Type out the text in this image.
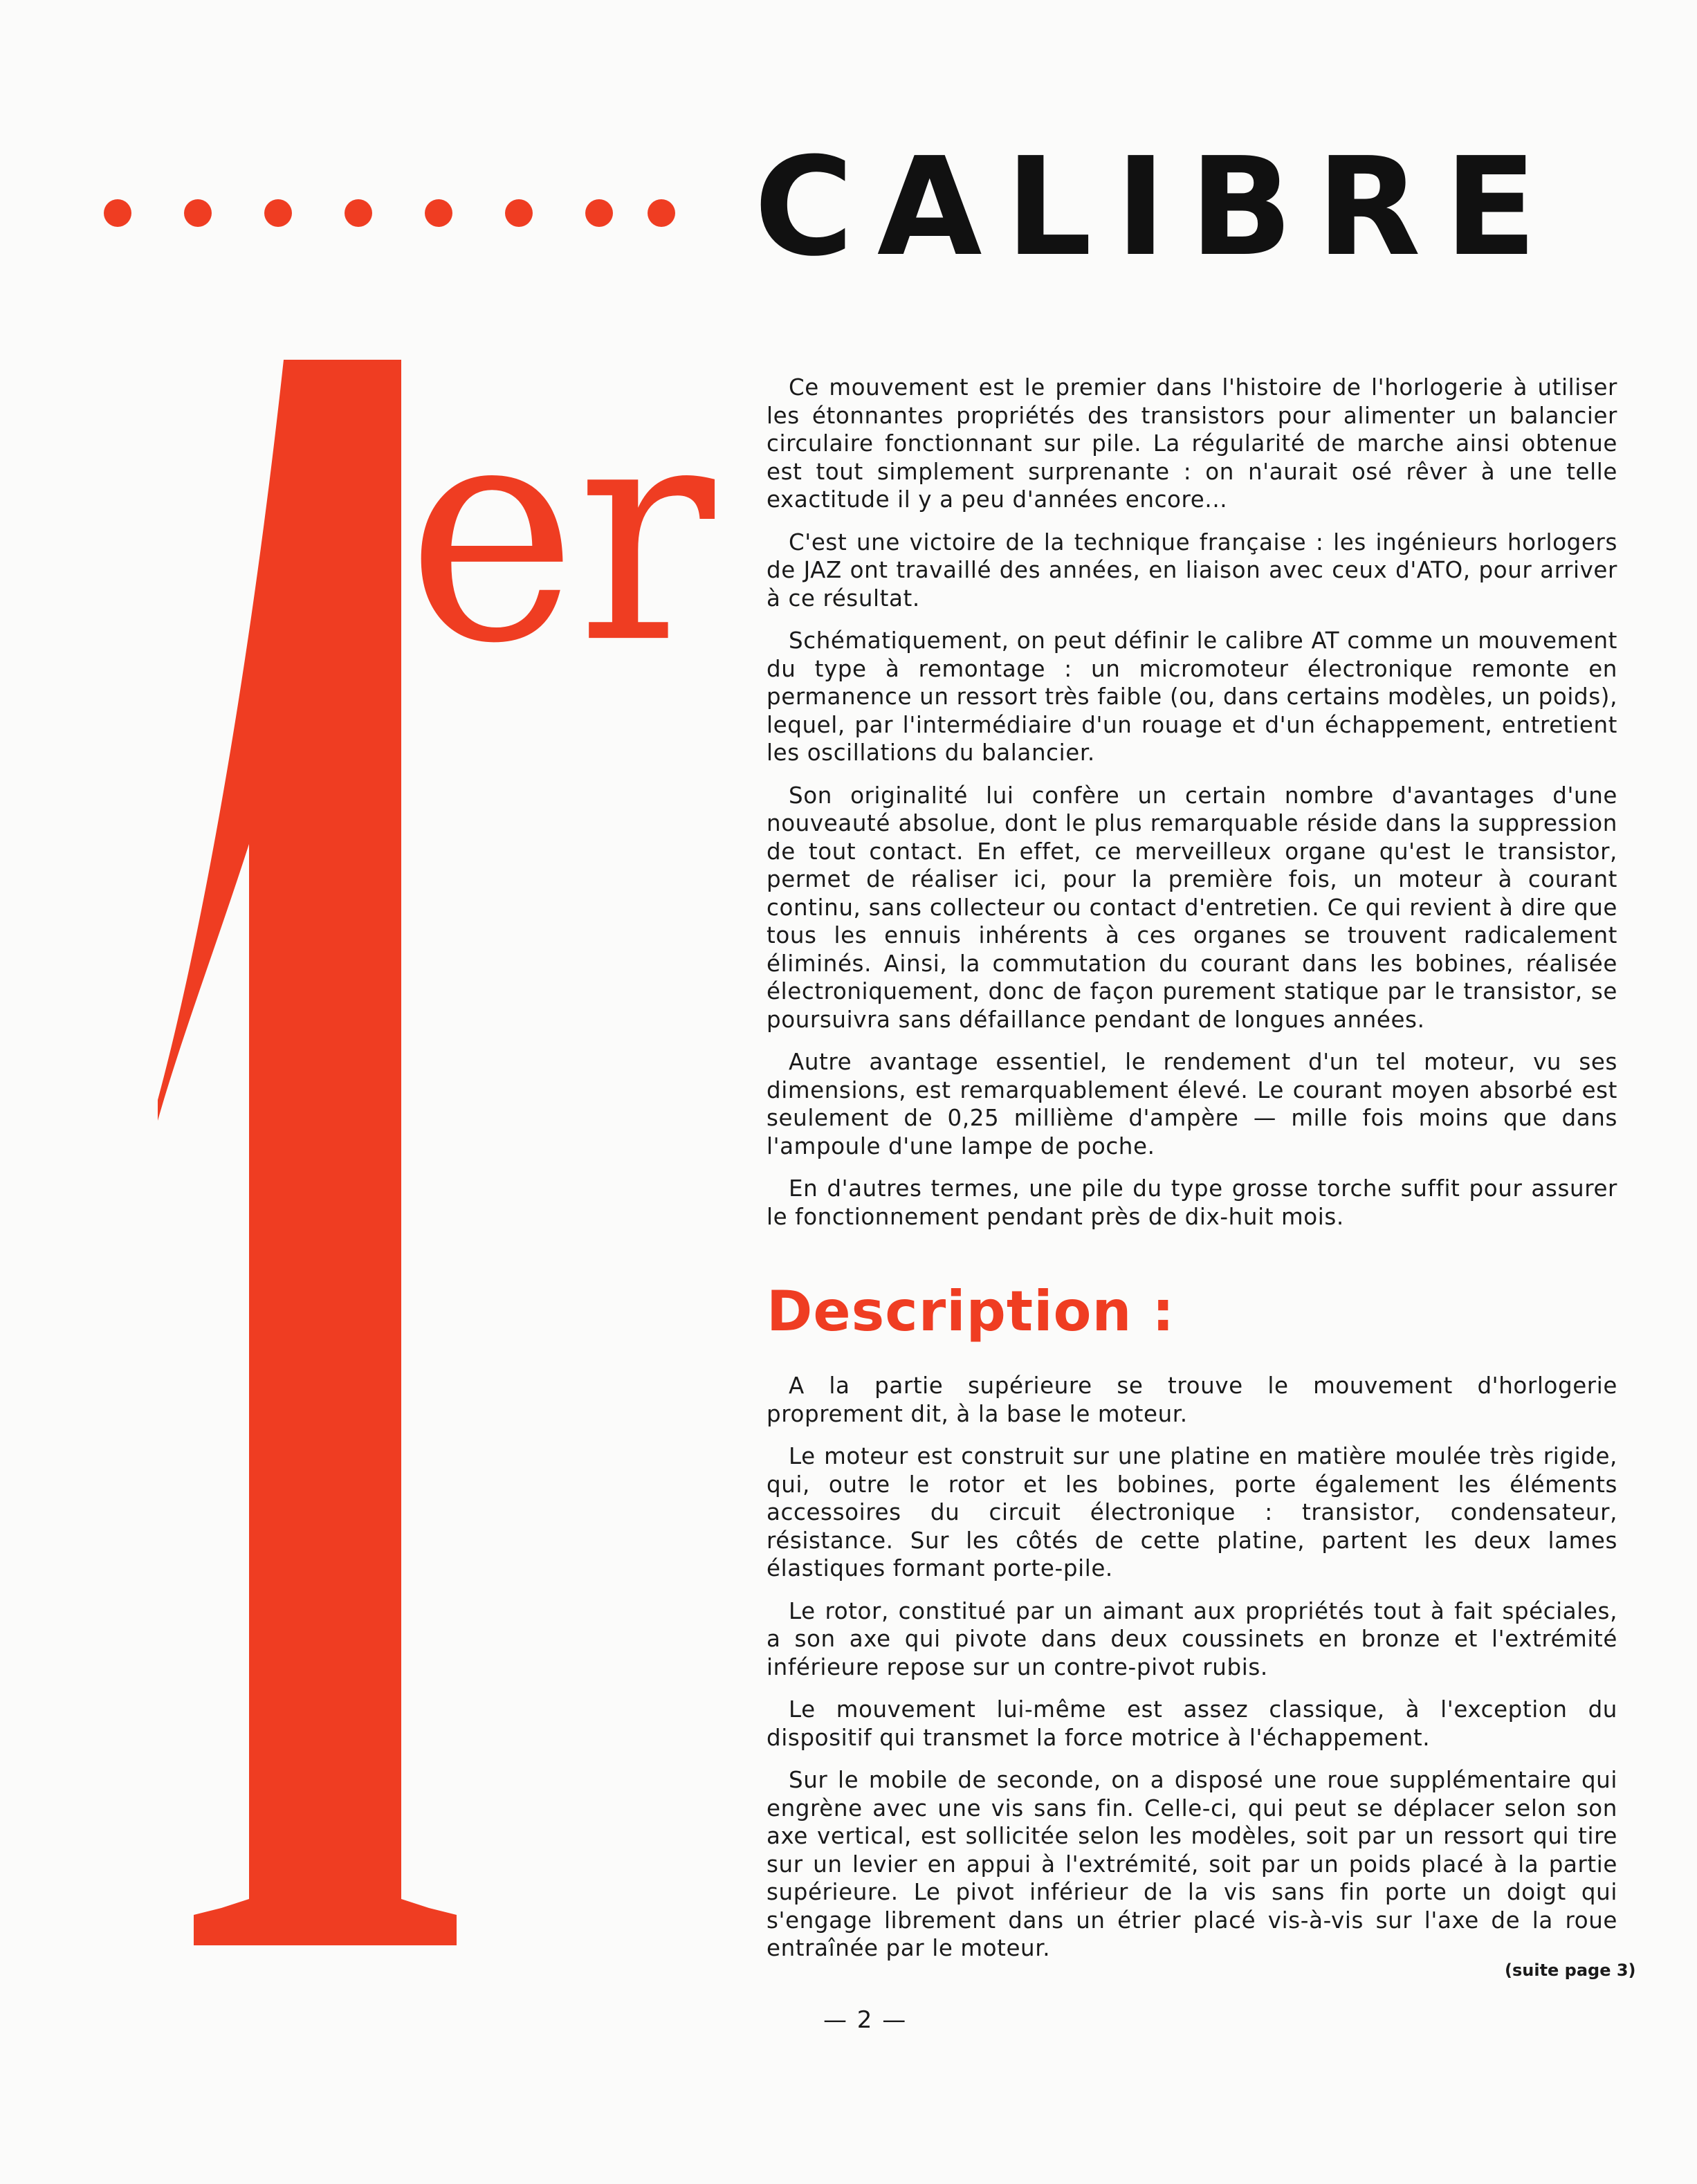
CALIBRE
er	Ce mouvement est le premier dans l'histoire de l'horlogerie à utiliser les étonnantes propriétés des transistors pour alimenter un balancier circulaire fonctionnant sur pile. La régularité de marche ainsi obtenue est tout simplement surprenante : on n'aurait osé rêver à une telle exactitude il y a peu d'années encore...

C'est une victoire de la technique française : les ingénieurs horlogers de JAZ ont travaillé des années, en liaison avec ceux d'ATO, pour arriver à ce résultat.

Schématiquement, on peut définir le calibre AT comme un mouvement du type à remontage : un micromoteur électronique remonte en permanence un ressort très faible (ou, dans certains modèles, un poids), lequel, par l'intermédiaire d'un rouage et d'un échappement, entretient les oscillations du balancier.

Son originalité lui confère un certain nombre d'avantages d'une nouveauté absolue, dont le plus remarquable réside dans la suppression de tout contact. En effet, ce merveilleux organe qu'est le transistor, permet de réaliser ici, pour la première fois, un moteur à courant continu, sans collecteur ou contact d'entretien. Ce qui revient à dire que tous les ennuis inhérents à ces organes se trouvent radicalement éliminés. Ainsi, la commutation du courant dans les bobines, réalisée électroniquement, donc de façon purement statique par le transistor, se poursuivra sans défaillance pendant de longues années.

Autre avantage essentiel, le rendement d'un tel moteur, vu ses dimensions, est remarquablement élevé. Le courant moyen absorbé est seulement de 0,25 millième d'ampère — mille fois moins que dans l'ampoule d'une lampe de poche.

En d'autres termes, une pile du type grosse torche suffit pour assurer le fonctionnement pendant près de dix-huit mois.

Description :

A la partie supérieure se trouve le mouvement d'horlogerie proprement dit, à la base le moteur.

Le moteur est construit sur une platine en matière moulée très rigide, qui, outre le rotor et les bobines, porte également les éléments accessoires du circuit électronique : transistor, condensateur, résistance. Sur les côtés de cette platine, partent les deux lames élastiques formant porte-pile.

Le rotor, constitué par un aimant aux propriétés tout à fait spéciales, a son axe qui pivote dans deux coussinets en bronze et l'extrémité inférieure repose sur un contre-pivot rubis.

Le mouvement lui-même est assez classique, à l'exception du dispositif qui transmet la force motrice à l'échappement.

Sur le mobile de seconde, on a disposé une roue supplémentaire qui engrène avec une vis sans fin. Celle-ci, qui peut se déplacer selon son axe vertical, est sollicitée selon les modèles, soit par un ressort qui tire sur un levier en appui à l'extrémité, soit par un poids placé à la partie supérieure. Le pivot inférieur de la vis sans fin porte un doigt qui s'engage librement dans un étrier placé vis-à-vis sur l'axe de la roue entraînée par le moteur.

(suite page 3)
— 2 —
